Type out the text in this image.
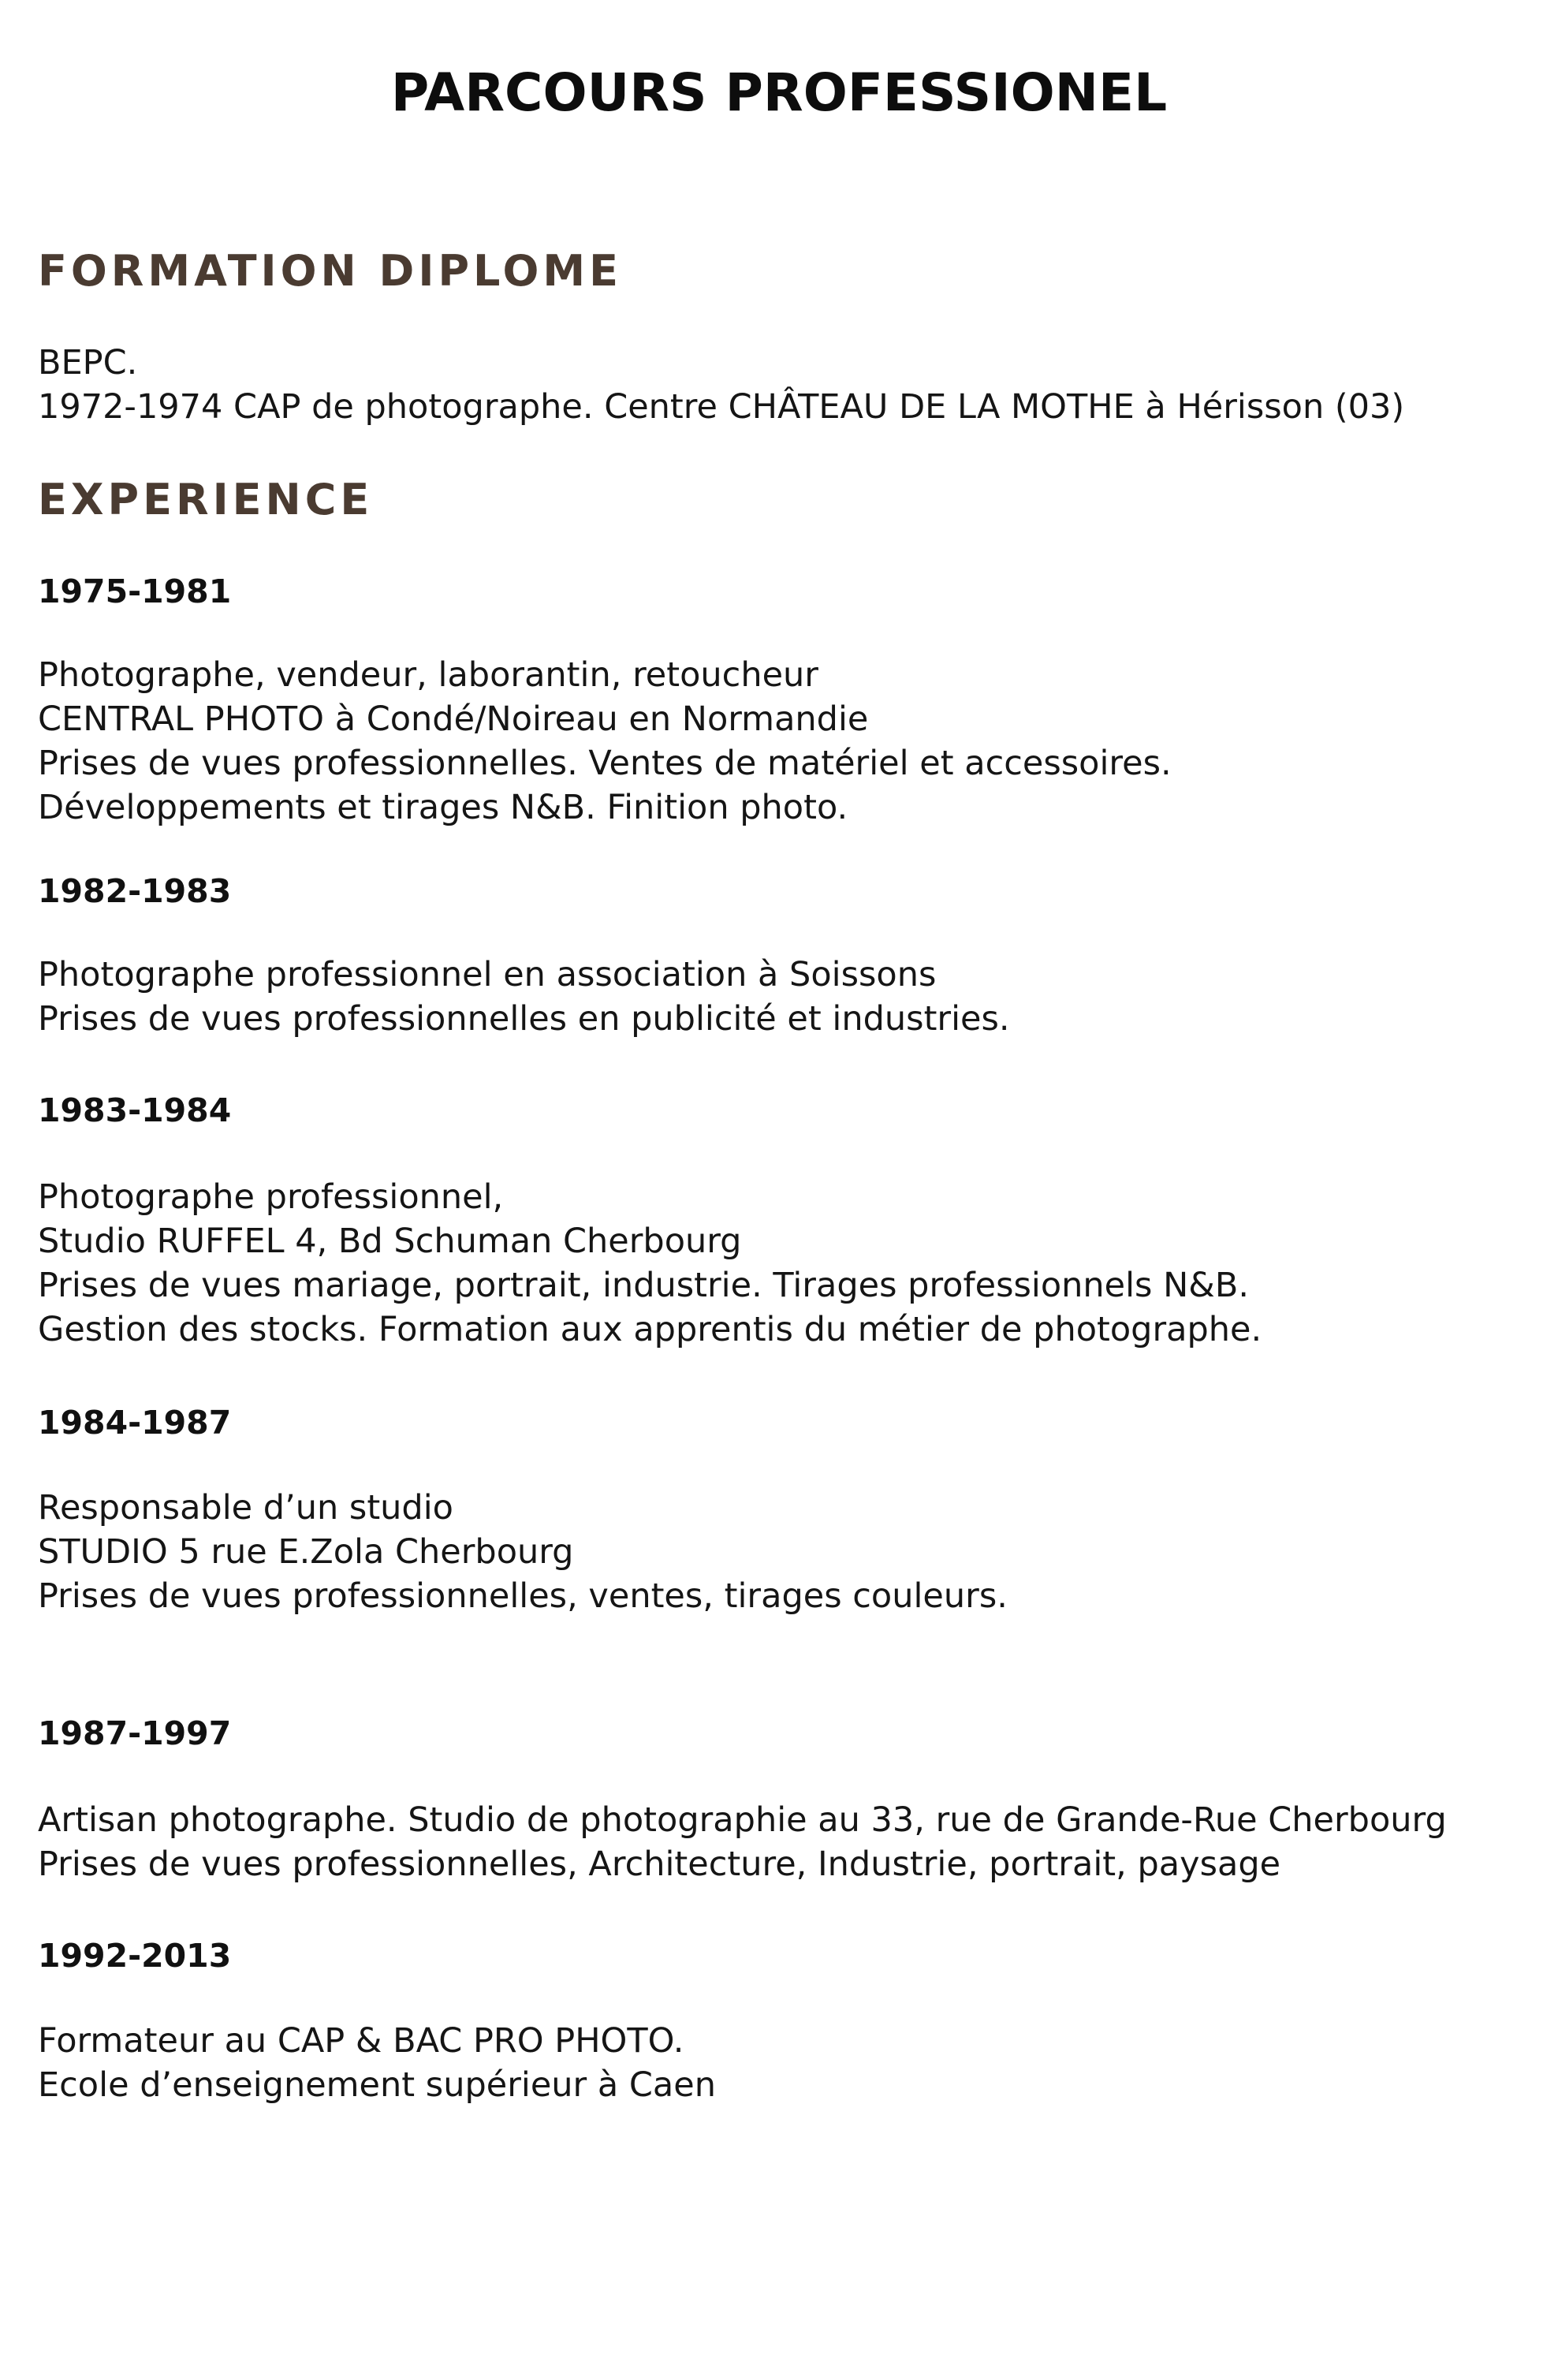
PARCOURS PROFESSIONEL
FORMATION DIPLOME

BEPC.

1972-1974 CAP de photographe. Centre CHÂTEAU DE LA MOTHE à Hérisson (03)

EXPERIENCE

1975-1981

Photographe, vendeur, laborantin, retoucheur

CENTRAL PHOTO à Condé/Noireau en Normandie

Prises de vues professionnelles. Ventes de matériel et accessoires.

Développements et tirages N&B. Finition photo.

1982-1983

Photographe professionnel en association à Soissons

Prises de vues professionnelles en publicité et industries.

1983-1984

Photographe professionnel,

Studio RUFFEL 4, Bd Schuman Cherbourg

Prises de vues mariage, portrait, industrie. Tirages professionnels N&B.

Gestion des stocks. Formation aux apprentis du métier de photographe.

1984-1987

Responsable d’un studio

STUDIO 5 rue E.Zola Cherbourg

Prises de vues professionnelles, ventes, tirages couleurs.

1987-1997

Artisan photographe. Studio de photographie au 33, rue de Grande-Rue Cherbourg

Prises de vues professionnelles, Architecture, Industrie, portrait, paysage

1992-2013

Formateur au CAP & BAC PRO PHOTO.

Ecole d’enseignement supérieur à Caen
